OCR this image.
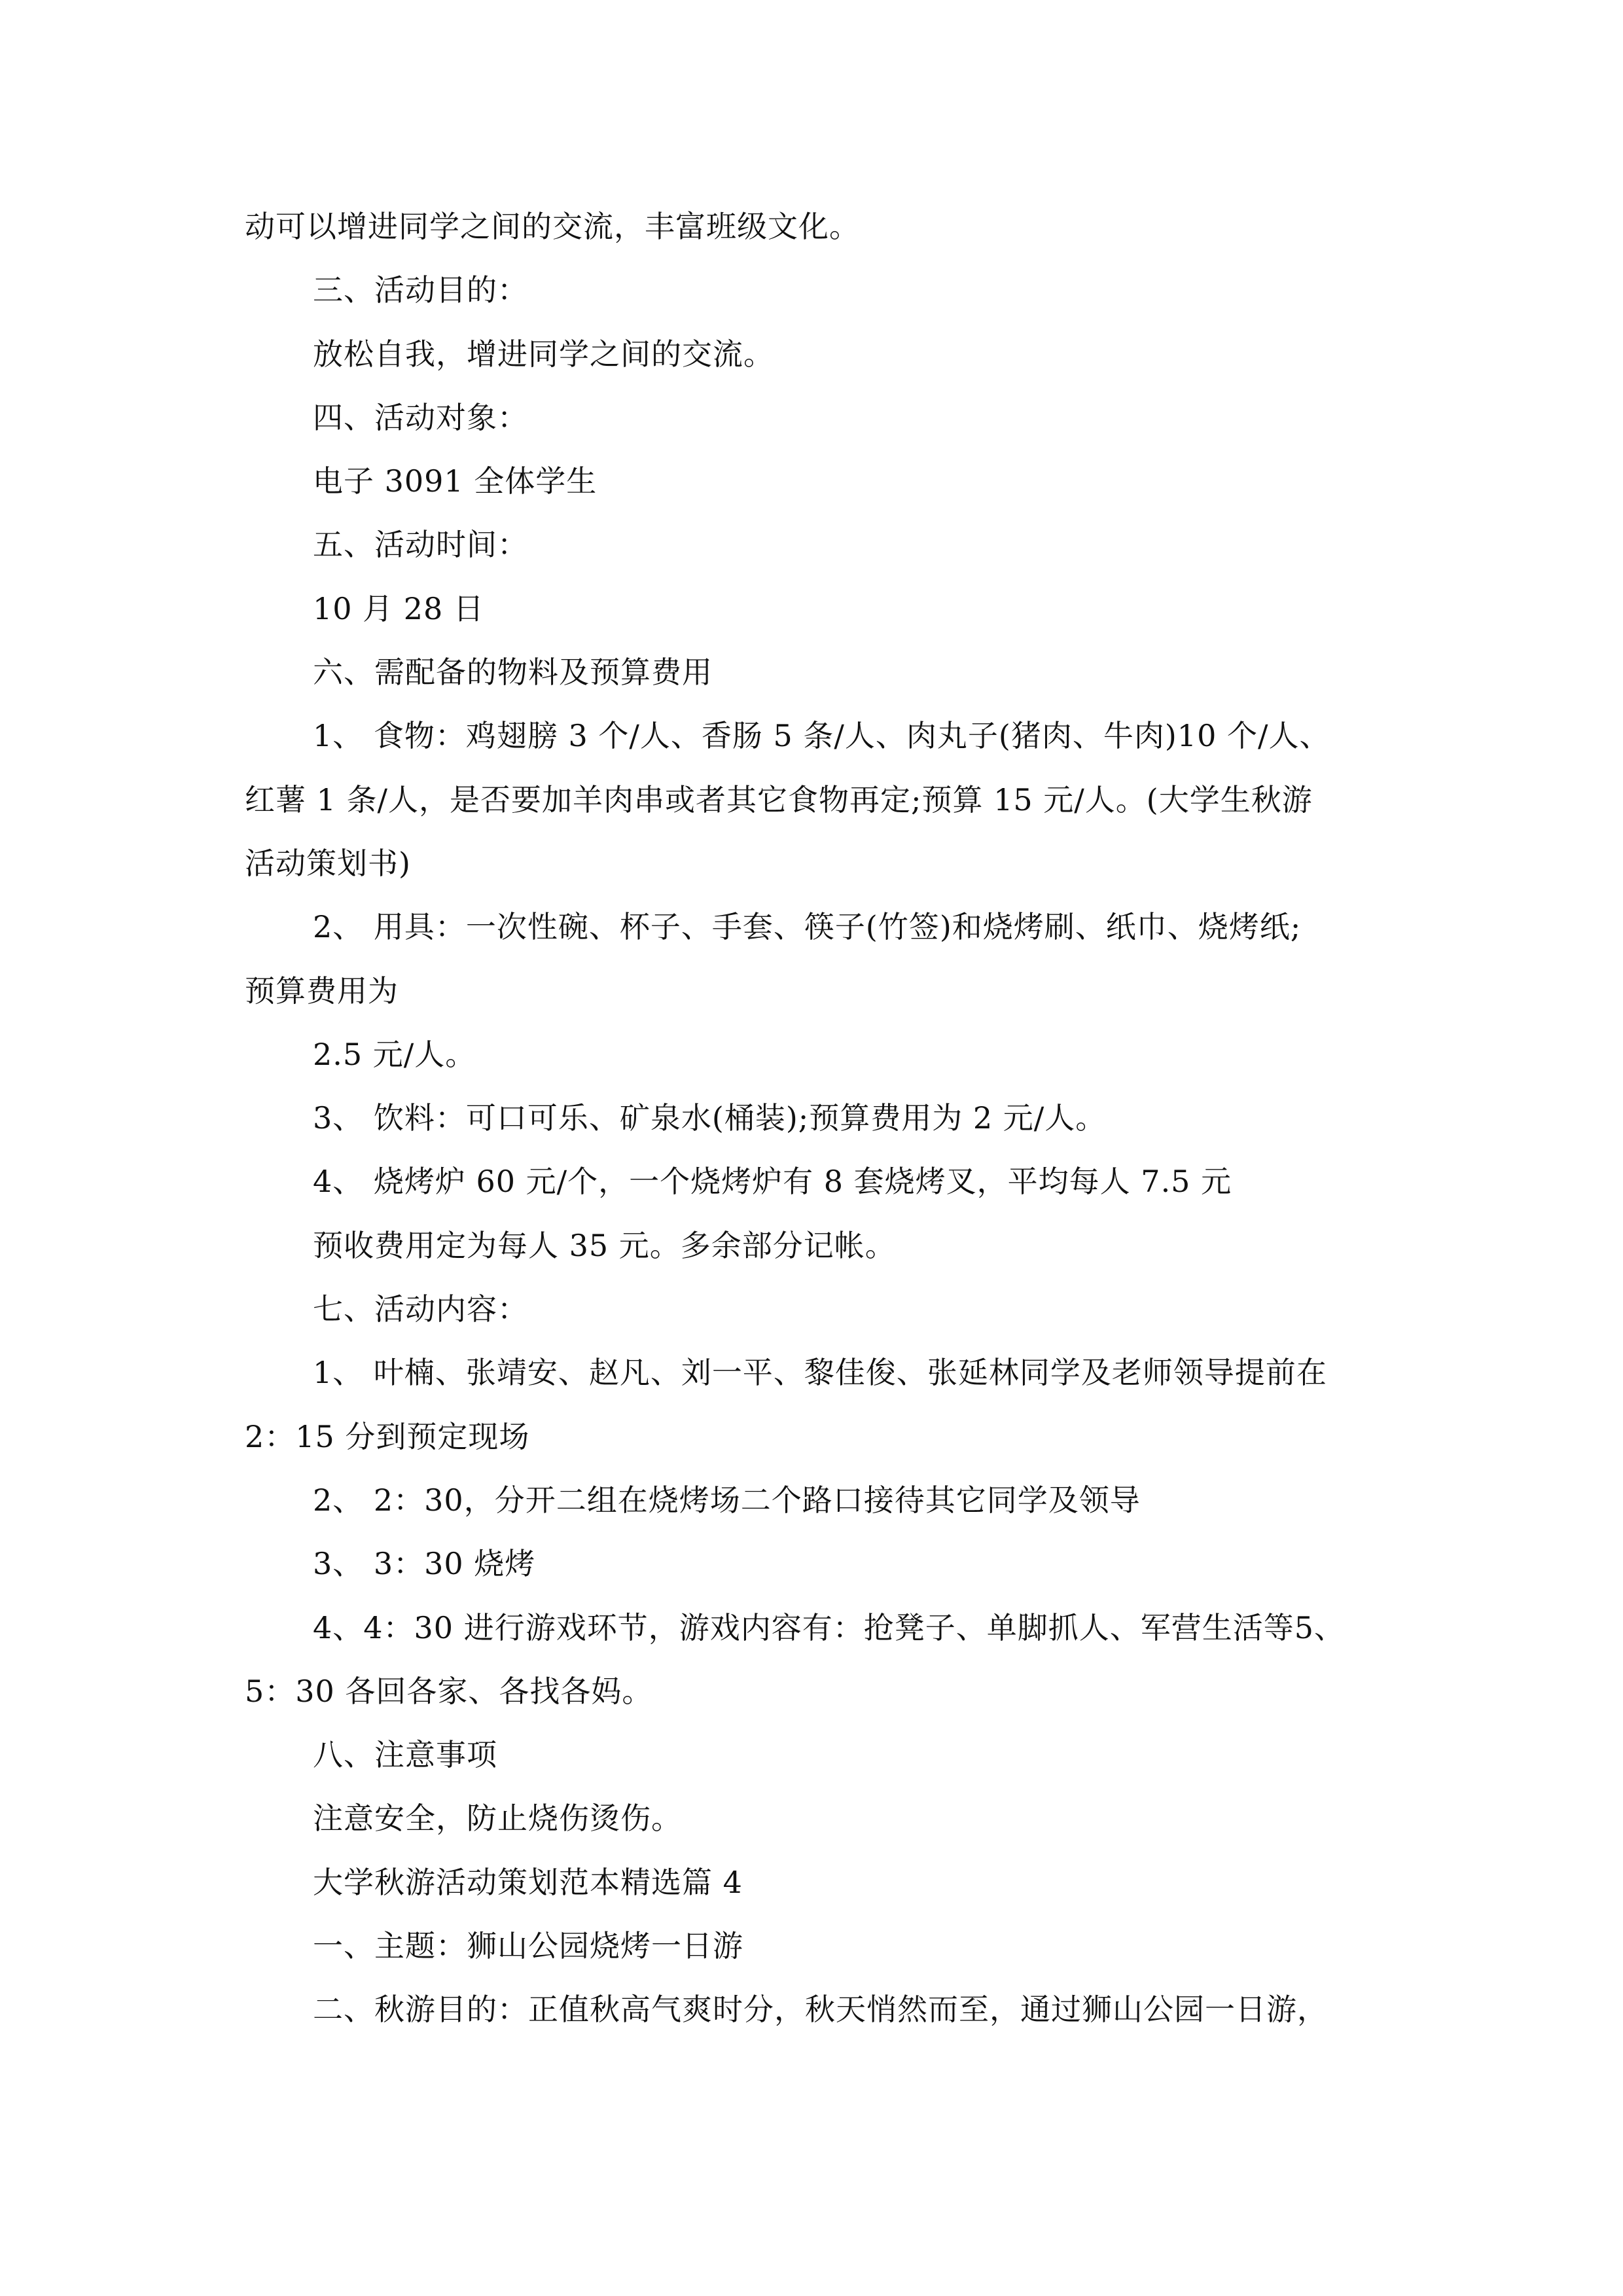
动可以增进同学之间的交流，丰富班级文化。
三、活动目的：
放松自我，增进同学之间的交流。
四、活动对象：
电子 3091 全体学生
五、活动时间：
10 月 28 日
六、需配备的物料及预算费用
1、 食物：鸡翅膀 3 个/人、香肠 5 条/人、肉丸子(猪肉、牛肉)10 个/人、
红薯 1 条/人，是否要加羊肉串或者其它食物再定;预算 15 元/人。(大学生秋游
活动策划书)
2、 用具：一次性碗、杯子、手套、筷子(竹签)和烧烤刷、纸巾、烧烤纸;
预算费用为
2.5 元/人。
3、 饮料：可口可乐、矿泉水(桶装);预算费用为 2 元/人。
4、 烧烤炉 60 元/个，一个烧烤炉有 8 套烧烤叉，平均每人 7.5 元
预收费用定为每人 35 元。多余部分记帐。
七、活动内容：
1、 叶楠、张靖安、赵凡、刘一平、黎佳俊、张延林同学及老师领导提前在
2：15 分到预定现场
2、 2：30，分开二组在烧烤场二个路口接待其它同学及领导
3、 3：30 烧烤
4、4：30 进行游戏环节，游戏内容有：抢凳子、单脚抓人、军营生活等5、
5：30 各回各家、各找各妈。
八、注意事项
注意安全，防止烧伤烫伤。
大学秋游活动策划范本精选篇 4
一、主题：狮山公园烧烤一日游
二、秋游目的：正值秋高气爽时分，秋天悄然而至，通过狮山公园一日游，
